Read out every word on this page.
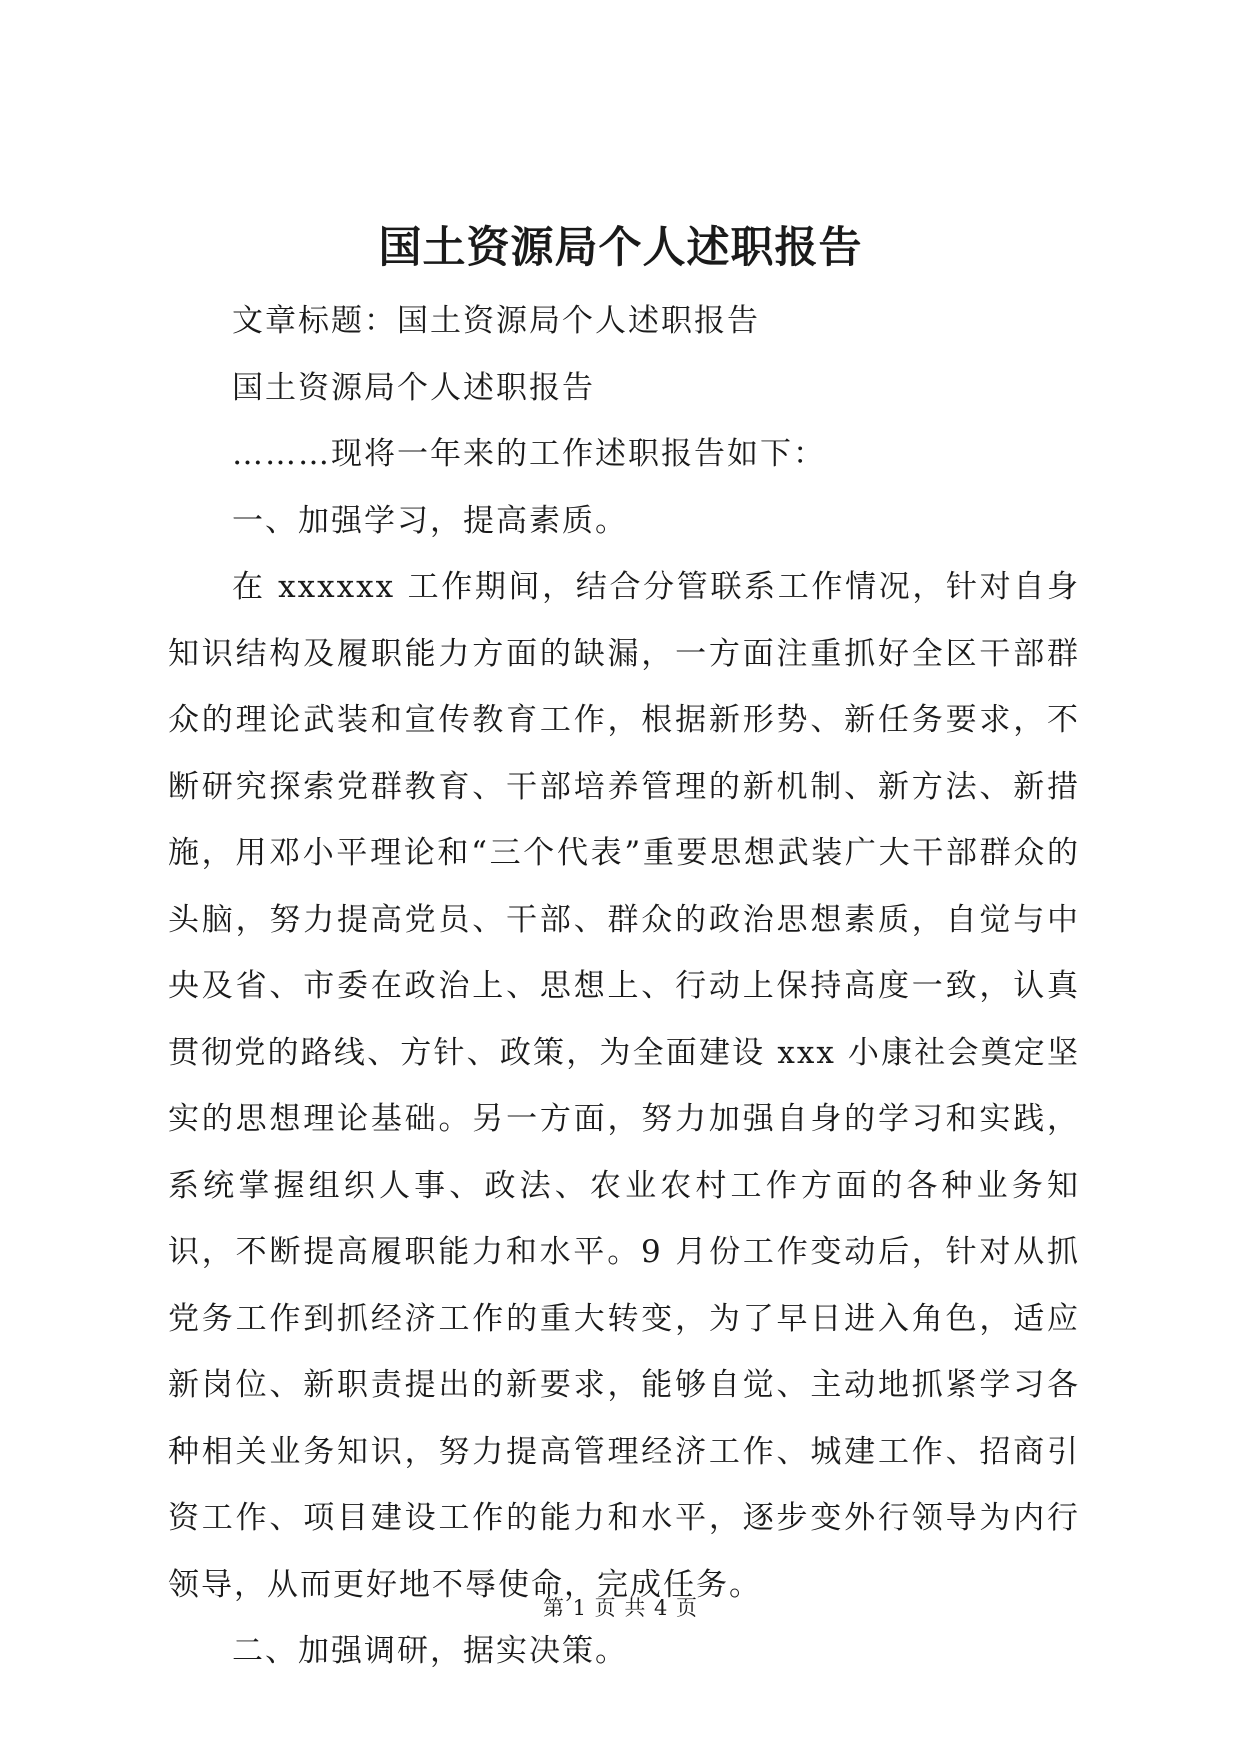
国土资源局个人述职报告

文章标题：国土资源局个人述职报告

国土资源局个人述职报告

………现将一年来的工作述职报告如下：

一、加强学习，提高素质。

在 xxxxxx 工作期间，结合分管联系工作情况，针对自身知识结构及履职能力方面的缺漏，一方面注重抓好全区干部群众的理论武装和宣传教育工作，根据新形势、新任务要求，不断研究探索党群教育、干部培养管理的新机制、新方法、新措施，用邓小平理论和“三个代表”重要思想武装广大干部群众的头脑，努力提高党员、干部、群众的政治思想素质，自觉与中央及省、市委在政治上、思想上、行动上保持高度一致，认真贯彻党的路线、方针、政策，为全面建设 xxx 小康社会奠定坚实的思想理论基础。另一方面，努力加强自身的学习和实践，系统掌握组织人事、政法、农业农村工作方面的各种业务知识，不断提高履职能力和水平。9 月份工作变动后，针对从抓党务工作到抓经济工作的重大转变，为了早日进入角色，适应新岗位、新职责提出的新要求，能够自觉、主动地抓紧学习各种相关业务知识，努力提高管理经济工作、城建工作、招商引资工作、项目建设工作的能力和水平，逐步变外行领导为内行领导，从而更好地不辱使命，完成任务。

二、加强调研，据实决策。

第 1 页 共 4 页
